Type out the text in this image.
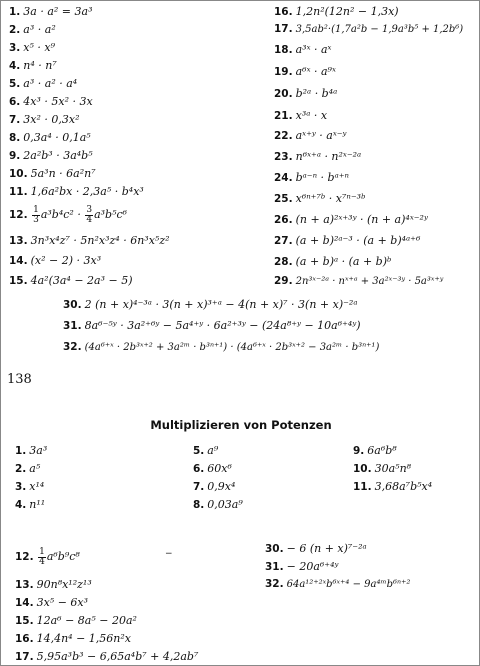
1. 3a · a² = 3a³
2. a³ · a²
3. x⁵ · x⁹
4. n⁴ · n⁷
5. a³ · a² · a⁴
6. 4x³ · 5x² · 3x
7. 3x² · 0,3x²
8. 0,3a⁴ · 0,1a⁵
9. 2a²b³ · 3a⁴b⁵
10. 5a³n · 6a²n⁷
11. 1,6a²bx · 2,3a⁵ · b⁴x³
12. $\frac{1}{3} a^3b^4c^2 \cdot \frac{3}{4} a^3b^5c^6$
13. 3n³x⁴z⁷ · 5n²x³z⁴ · 6n³x⁵z²
14. (x² − 2) · 3x³
15. 4a²(3a⁴ − 2a³ − 5)
16. 1,2n²(12n² − 1,3x)
17. 3,5ab²·(1,7a²b − 1,9a³b⁵ + 1,2b⁶)
18. a³ˣ · aˣ
19. a⁶ˣ · a⁹ˣ
20. b²ᵃ · b⁴ᵃ
21. x³ᵃ · x
22. aˣ⁺ʸ · aˣ⁻ʸ
23. n⁶ˣ⁺ᵃ · n²ˣ⁻²ᵃ
24. bᵃ⁻ⁿ · bᵃ⁺ⁿ
25. x⁶ⁿ⁺⁷ᵇ · x⁷ⁿ⁻³ᵇ
26. (n + a)²ˣ⁺³ʸ · (n + a)⁴ˣ⁻²ʸ
27. (a + b)²ᵃ⁻³ · (a + b)⁴ᵃ⁺⁶
28. (a + b)ᵃ · (a + b)ᵇ
29. 2n³ˣ⁻²ᵃ · nˣ⁺ᵃ + 3a²ˣ⁻³ʸ · 5a³ˣ⁺ʸ
30. 2 (n + x)⁴⁻³ᵃ · 3(n + x)³⁺ᵃ − 4(n + x)⁷ · 3(n + x)⁻²ᵃ
31. 8a⁶⁻⁵ʸ · 3a²⁺⁶ʸ − 5a⁴⁺ʸ · 6a²⁺³ʸ − (24a⁸⁺ʸ − 10a⁶⁺⁴ʸ)
32. (4a⁶⁺ˣ · 2b³ˣ⁺² + 3a²ᵐ · b³ⁿ⁺¹) · (4a⁶⁺ˣ · 2b³ˣ⁺² − 3a²ᵐ · b³ⁿ⁺¹)
138
Multiplizieren von Potenzen
1. 3a³
2. a⁵
3. x¹⁴
4. n¹¹
5. a⁹
6. 60x⁶
7. 0,9x⁴
8. 0,03a⁹
9. 6a⁶b⁸
10. 30a⁵n⁸
11. 3,68a⁷b⁵x⁴
−
12. $\frac{1}{4} a^6b^9c^8$
13. 90n⁸x¹²z¹³
14. 3x⁵ − 6x³
15. 12a⁶ − 8a⁵ − 20a²
16. 14,4n⁴ − 1,56n²x
17. 5,95a³b³ − 6,65a⁴b⁷ + 4,2ab⁷
30. − 6 (n + x)⁷⁻²ᵃ
31. − 20a⁶⁺⁴ʸ
32. 64a¹²⁺²ˣb⁶ˣ⁺⁴ − 9a⁴ᵐb⁶ⁿ⁺²
